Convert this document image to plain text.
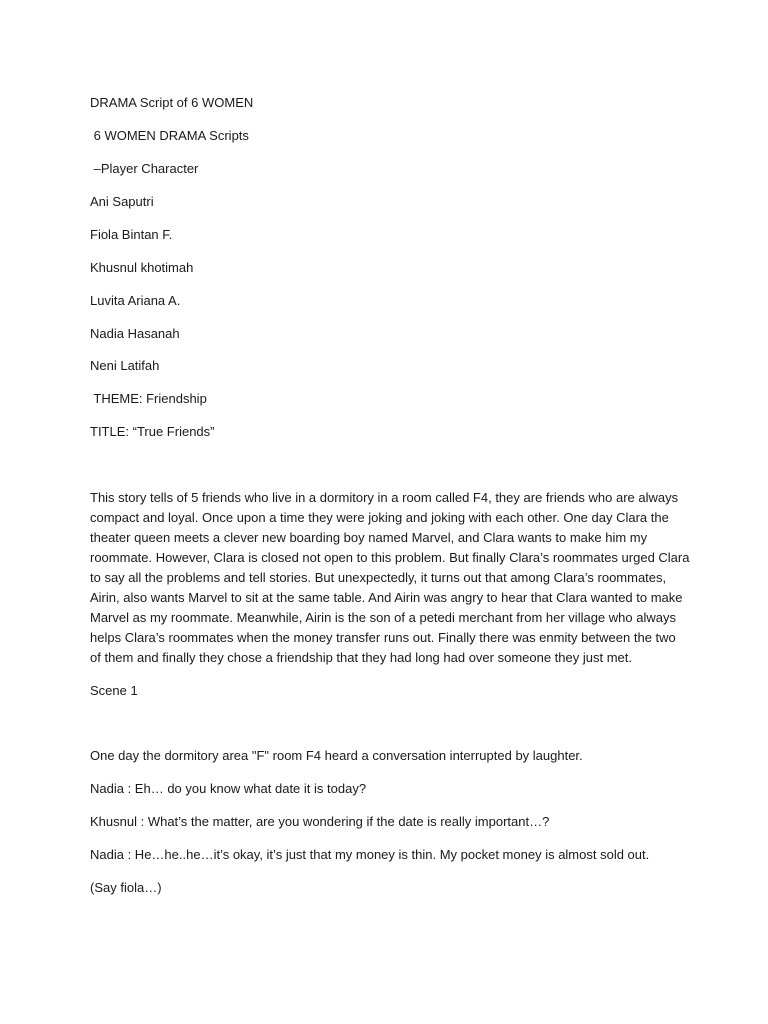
DRAMA Script of 6 WOMEN
6 WOMEN DRAMA Scripts
–Player Character
Ani Saputri
Fiola Bintan F.
Khusnul khotimah
Luvita Ariana A.
Nadia Hasanah
Neni Latifah
THEME: Friendship
TITLE: “True Friends”
This story tells of 5 friends who live in a dormitory in a room called F4, they are friends who are always compact and loyal. Once upon a time they were joking and joking with each other. One day Clara the theater queen meets a clever new boarding boy named Marvel, and Clara wants to make him my roommate. However, Clara is closed not open to this problem. But finally Clara’s roommates urged Clara to say all the problems and tell stories. But unexpectedly, it turns out that among Clara’s roommates, Airin, also wants Marvel to sit at the same table. And Airin was angry to hear that Clara wanted to make Marvel as my roommate. Meanwhile, Airin is the son of a petedi merchant from her village who always helps Clara’s roommates when the money transfer runs out. Finally there was enmity between the two of them and finally they chose a friendship that they had long had over someone they just met.
Scene 1
One day the dormitory area "F" room F4 heard a conversation interrupted by laughter.
Nadia : Eh… do you know what date it is today?
Khusnul : What’s the matter, are you wondering if the date is really important…?
Nadia : He…he..he…it’s okay, it’s just that my money is thin. My pocket money is almost sold out.
(Say fiola…)
